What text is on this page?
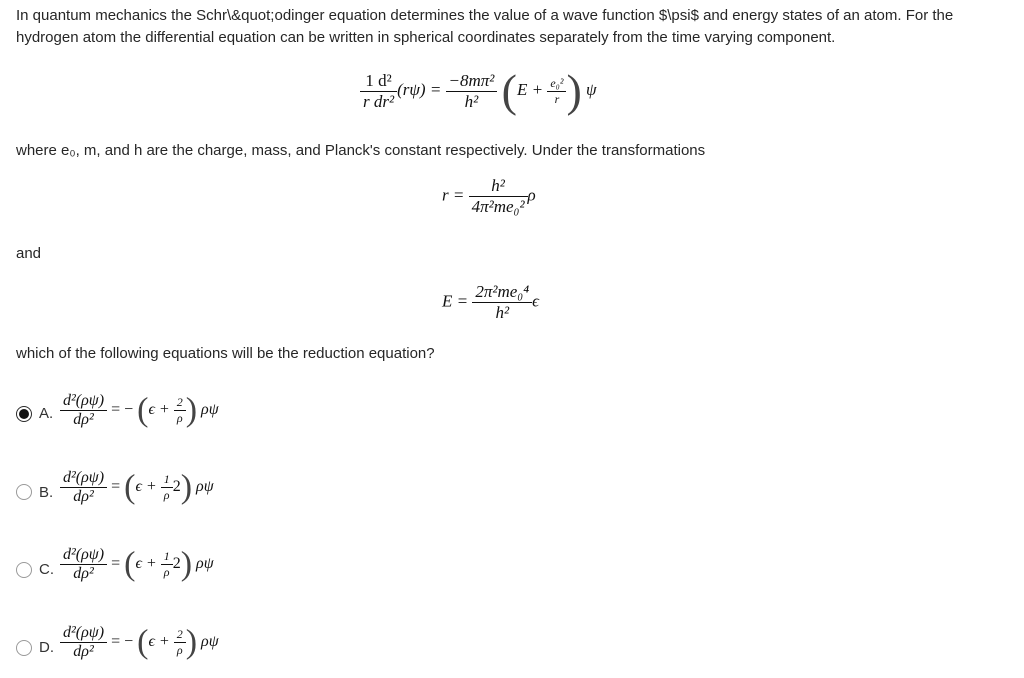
In quantum mechanics the Schr\&quot;odinger equation determines the value of a wave function $\psi$ and energy states of an atom. For the hydrogen atom the differential equation can be written in spherical coordinates separately from the time varying component.
$\frac{\text{1 d²}}{\text{r dr²}} (r\psi) = \frac{\text{−8mπ²}}{\text{h²}} (E + \frac{\text{e₀²}}{r}$ ) ψ
where e₀, m, and h are the charge, mass, and Planck's constant respectively. Under the transformations
$r = \frac{\text{h²}}{\text{4π²me₀²}}$ ρ
and
$E = \frac{\text{2π²me₀⁴}}{\text{h²}}$ ϵ
which of the following equations will be the reduction equation?
A. $\frac{\text{d²(ρψ)}}{\text{dρ²}}$ = − ($\epsilon + \frac{2}{\rho}$ ) ρψ
B. $\frac{\text{d²(ρψ)}}{\text{dρ²}} = (\epsilon + \frac{1}{\rho} 2)$ ρψ
C. $\frac{\text{d²(ρψ)}}{\text{dρ²}} = (\epsilon + \frac{1}{\rho} 2)$ ρψ
D. $\frac{\text{d²(ρψ)}}{\text{dρ²}}$ = − ($\epsilon + \frac{2}{\rho}$ ) ρψ
